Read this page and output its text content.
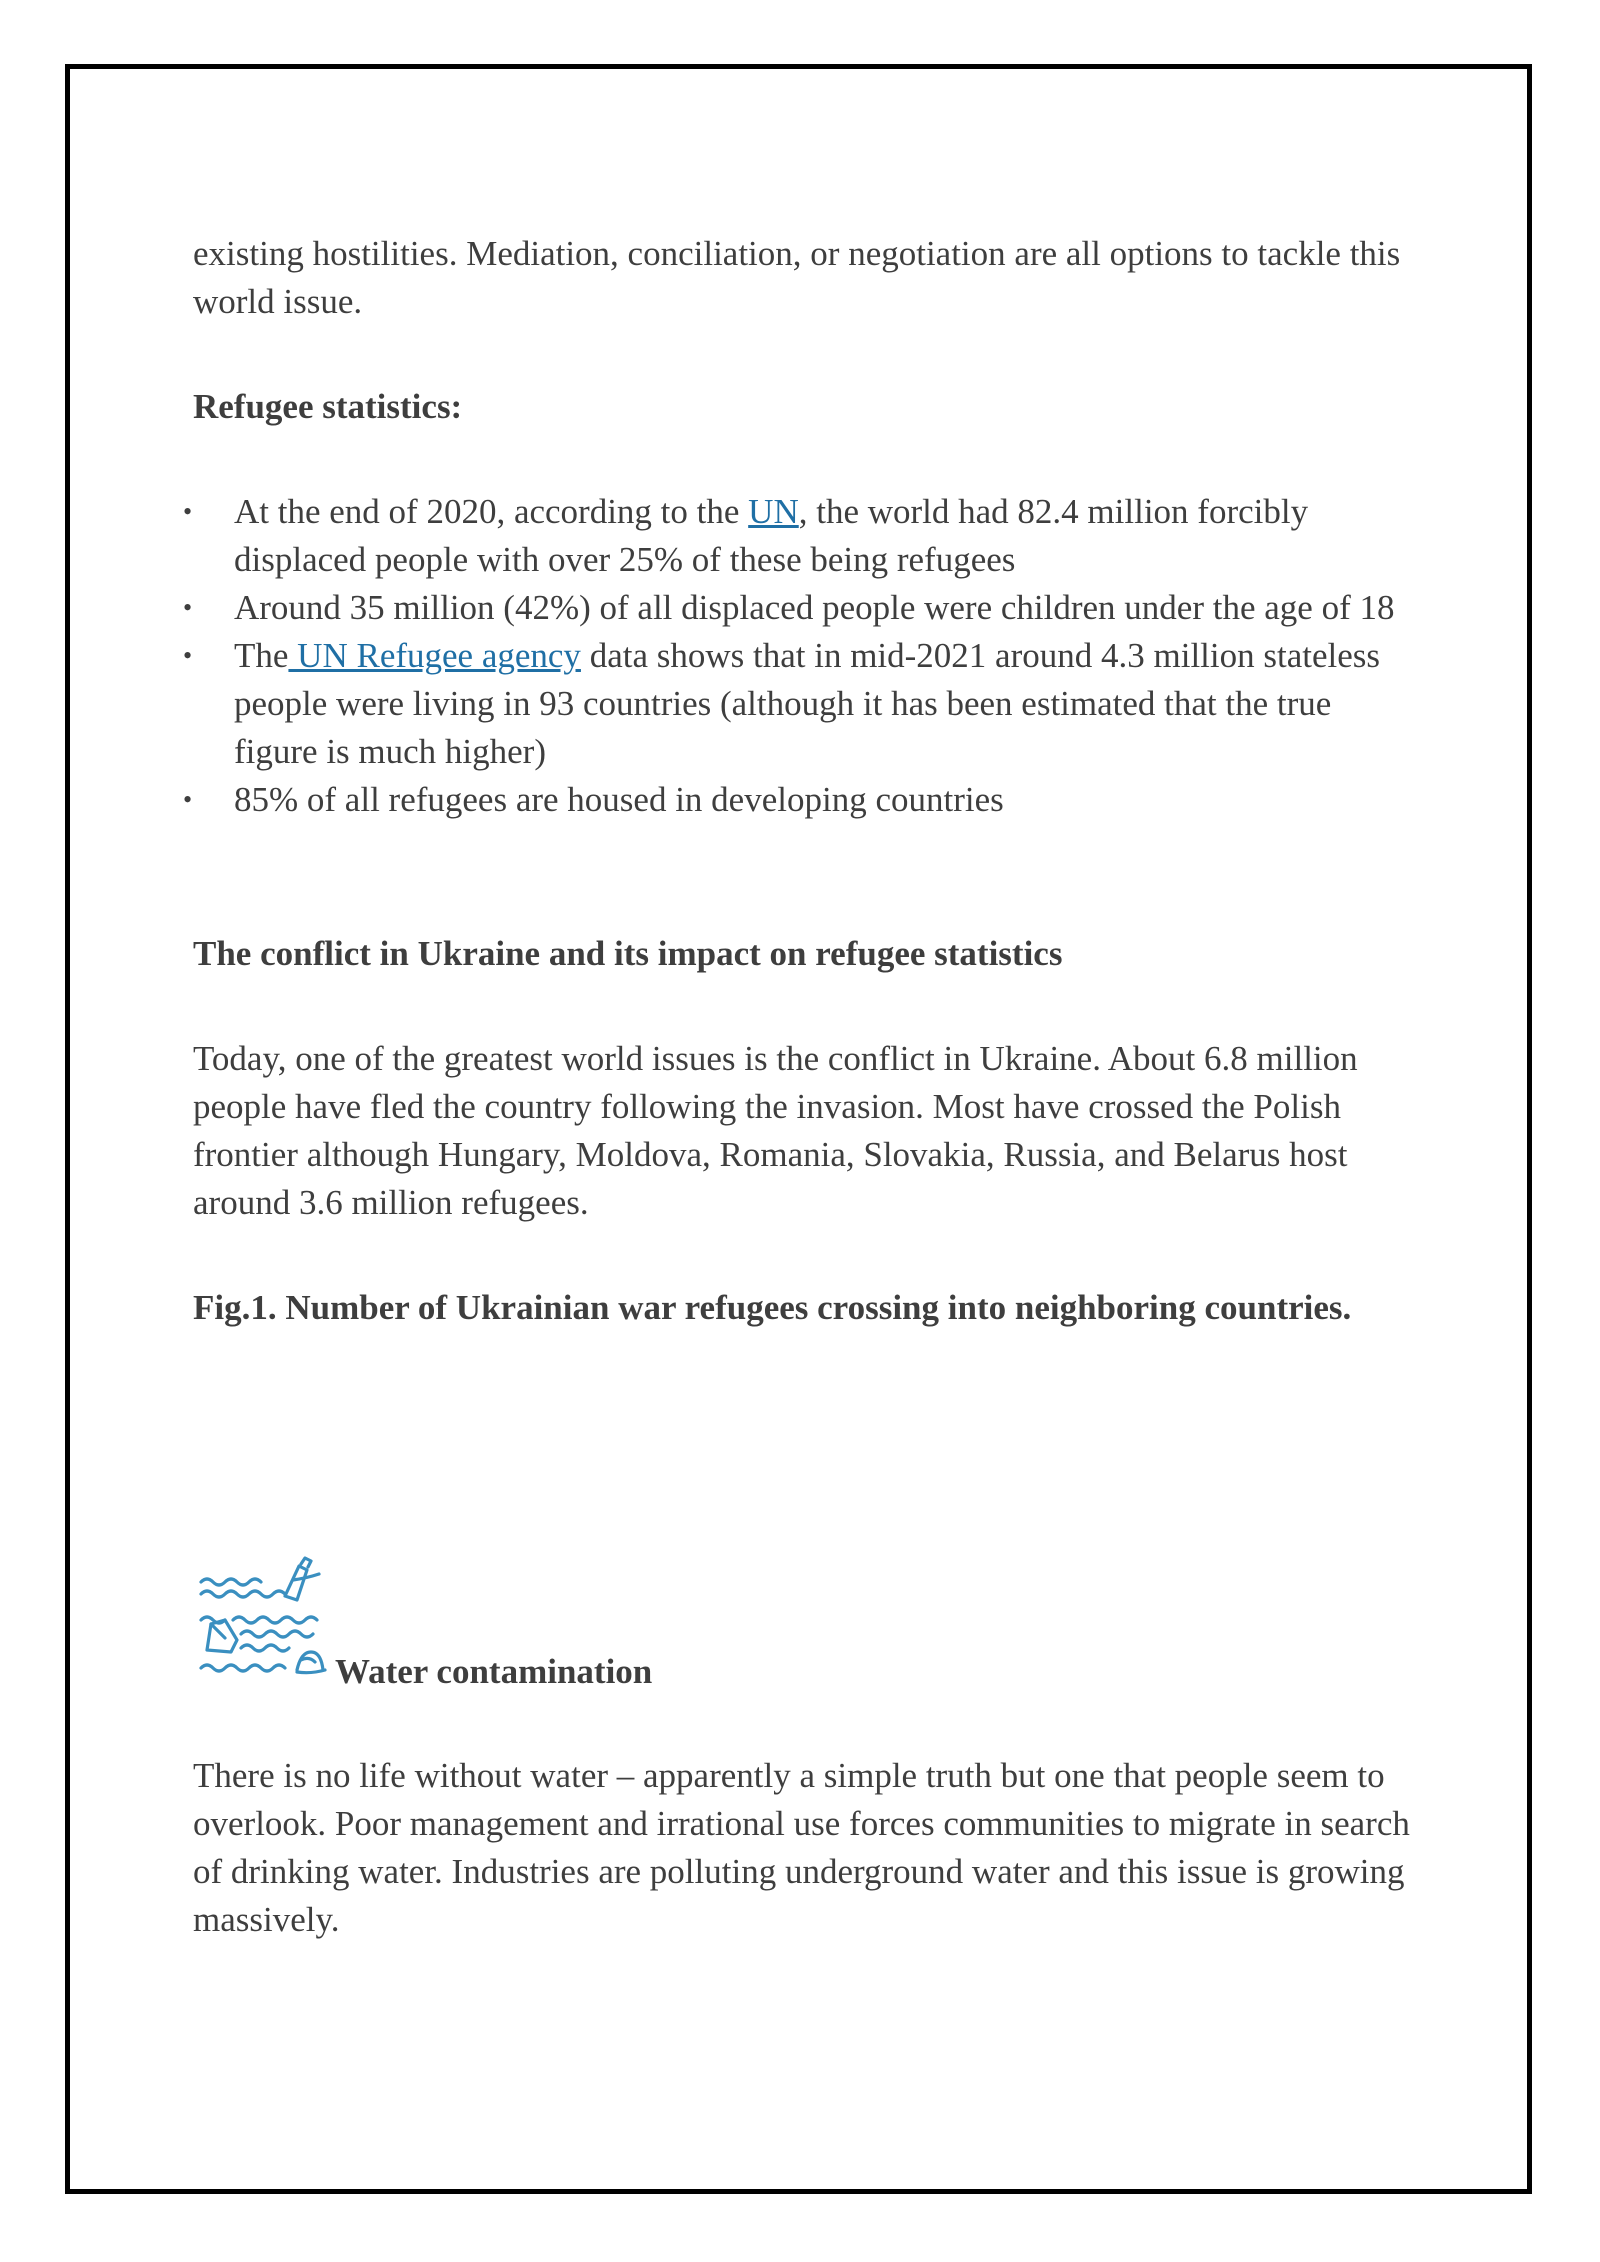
existing hostilities. Mediation, conciliation, or negotiation are all options to tackle this world issue.

Refugee statistics:

• At the end of 2020, according to the UN, the world had 82.4 million forcibly displaced people with over 25% of these being refugees
• Around 35 million (42%) of all displaced people were children under the age of 18
• The UN Refugee agency data shows that in mid-2021 around 4.3 million stateless people were living in 93 countries (although it has been estimated that the true figure is much higher)
• 85% of all refugees are housed in developing countries

The conflict in Ukraine and its impact on refugee statistics

Today, one of the greatest world issues is the conflict in Ukraine. About 6.8 million people have fled the country following the invasion. Most have crossed the Polish frontier although Hungary, Moldova, Romania, Slovakia, Russia, and Belarus host around 3.6 million refugees.

Fig.1. Number of Ukrainian war refugees crossing into neighboring countries.

Water contamination

There is no life without water – apparently a simple truth but one that people seem to overlook. Poor management and irrational use forces communities to migrate in search of drinking water. Industries are polluting underground water and this issue is growing massively.
